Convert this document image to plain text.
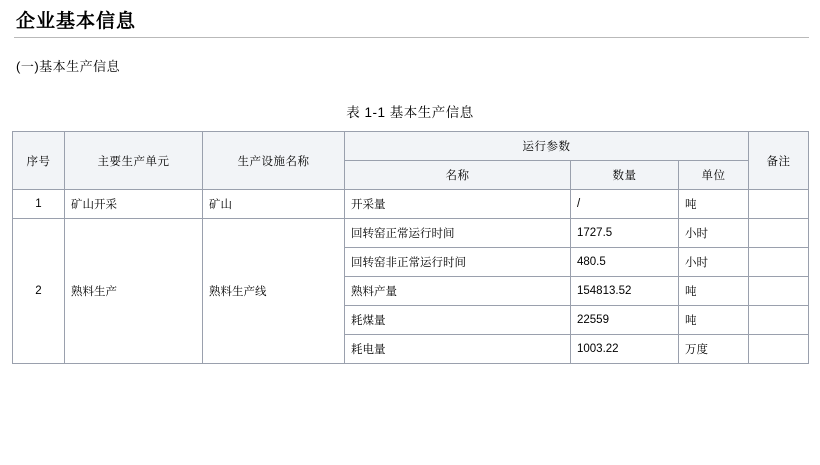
企业基本信息
(一)基本生产信息
表 1-1 基本生产信息
序号	主要生产单元	生产设施名称	运行参数			备注
			名称	数量	单位	
1	矿山开采	矿山	开采量	/	吨	
2	熟料生产	熟料生产线	回转窑正常运行时间	1727.5	小时	
			回转窑非正常运行时间	480.5	小时	
			熟料产量	154813.52	吨	
			耗煤量	22559	吨	
			耗电量	1003.22	万度	
